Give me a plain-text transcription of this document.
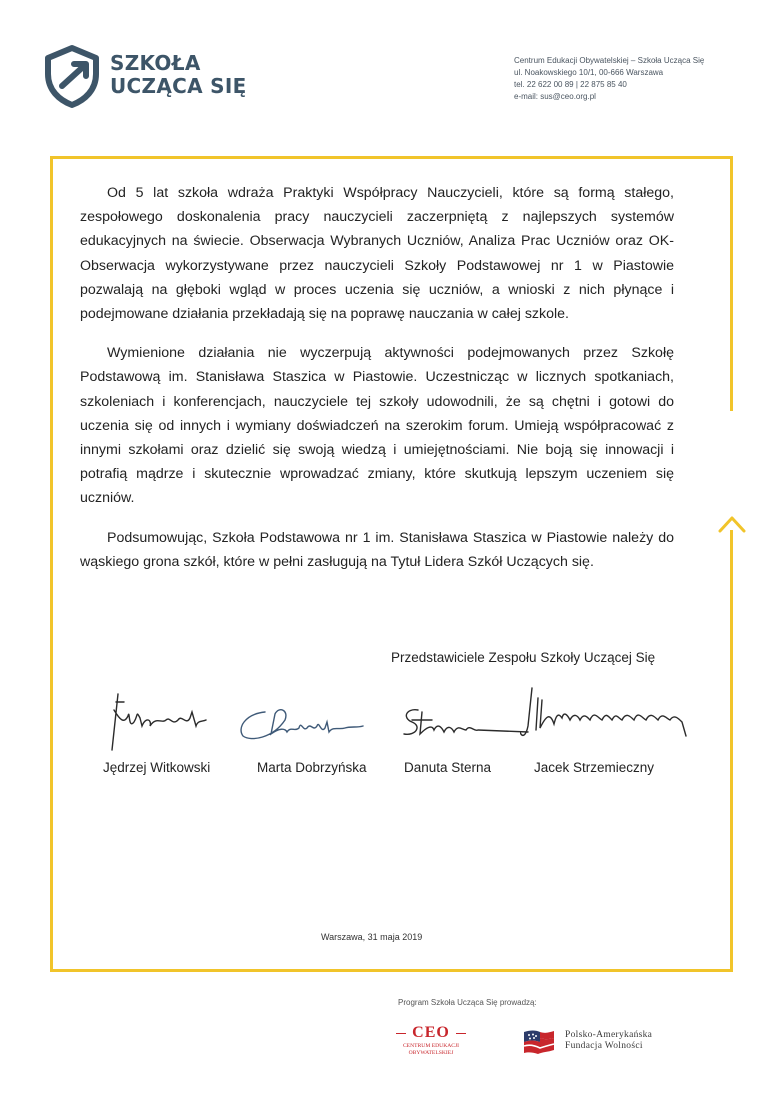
SZKOŁA
UCZĄCA SIĘ
Centrum Edukacji Obywatelskiej – Szkoła Ucząca Się
ul. Noakowskiego 10/1, 00-666 Warszawa
tel. 22 622 00 89 | 22 875 85 40
e-mail: sus@ceo.org.pl

Od 5 lat szkoła wdraża Praktyki Współpracy Nauczycieli, które są formą stałego, zespołowego doskonalenia pracy nauczycieli zaczerpniętą z najlepszych systemów edukacyjnych na świecie. Obserwacja Wybranych Uczniów, Analiza Prac Uczniów oraz OK-Obserwacja wykorzystywane przez nauczycieli Szkoły Podstawowej nr 1 w Piastowie pozwalają na głęboki wgląd w proces uczenia się uczniów, a wnioski z nich płynące i podejmowane działania przekładają się na poprawę nauczania w całej szkole.

Wymienione działania nie wyczerpują aktywności podejmowanych przez Szkołę Podstawową im. Stanisława Staszica w Piastowie. Uczestnicząc w licznych spotkaniach, szkoleniach i konferencjach, nauczyciele tej szkoły udowodnili, że są chętni i gotowi do uczenia się od innych i wymiany doświadczeń na szerokim forum. Umieją współpracować z innymi szkołami oraz dzielić się swoją wiedzą i umiejętnościami. Nie boją się innowacji i potrafią mądrze i skutecznie wprowadzać zmiany, które skutkują lepszym uczeniem się uczniów.

Podsumowując, Szkoła Podstawowa nr 1 im. Stanisława Staszica w Piastowie należy do wąskiego grona szkół, które w pełni zasługują na Tytuł Lidera Szkół Uczących się.

Przedstawiciele Zespołu Szkoły Uczącej Się
Jędrzej Witkowski	Marta Dobrzyńska	Danuta Sterna	Jacek Strzemieczny
Warszawa, 31 maja 2019
Program Szkoła Ucząca Się prowadzą:
CEO
CENTRUM EDUKACJI
OBYWATELSKIEJ
Polsko-Amerykańska
Fundacja Wolności
